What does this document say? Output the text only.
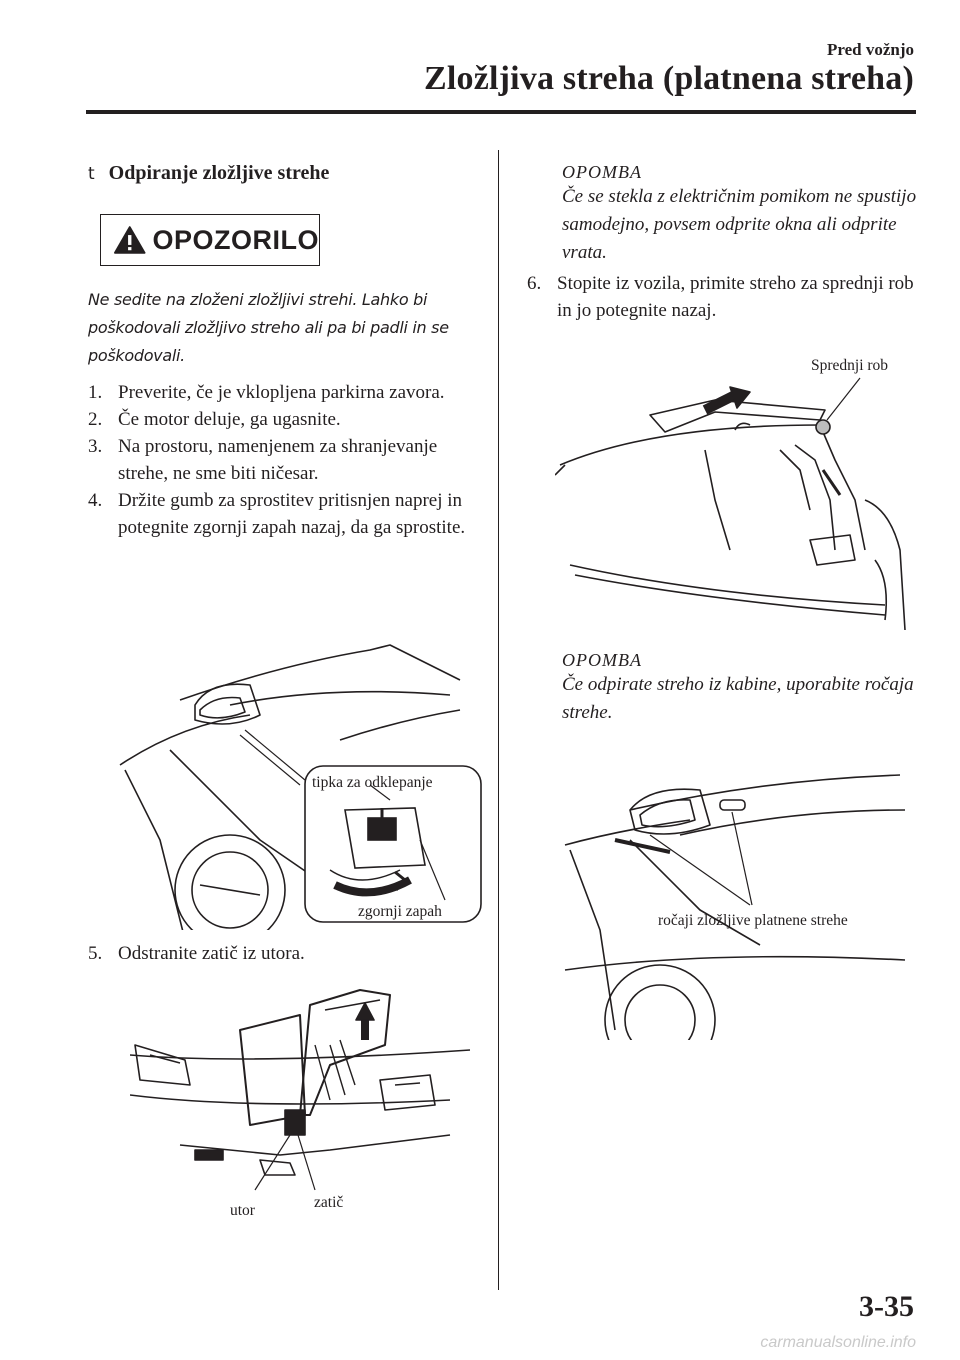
Pred vožnjo
Zložljiva streha (platnena streha)
t Odpiranje zložljive strehe
OPOZORILO
Ne sedite na zloženi zložljivi strehi. Lahko bi poškodovali zložljivo streho ali pa bi padli in se poškodovali.
1. Preverite, če je vklopljena parkirna zavora.
2. Če motor deluje, ga ugasnite.
3. Na prostoru, namenjenem za shranjevanje strehe, ne sme biti ničesar.
4. Držite gumb za sprostitev pritisnjen naprej in potegnite zgornji zapah nazaj, da ga sprostite.
tipka za odklepanje
zgornji zapah
5. Odstranite zatič iz utora.
utor	zatič
OPOMBA
Če se stekla z električnim pomikom ne spustijo samodejno, povsem odprite okna ali odprite vrata.
6. Stopite iz vozila, primite streho za sprednji rob in jo potegnite nazaj.
Sprednji rob
OPOMBA
Če odpirate streho iz kabine, uporabite ročaja strehe.
ročaji zložljive platnene strehe
3-35
carmanualsonline.info
